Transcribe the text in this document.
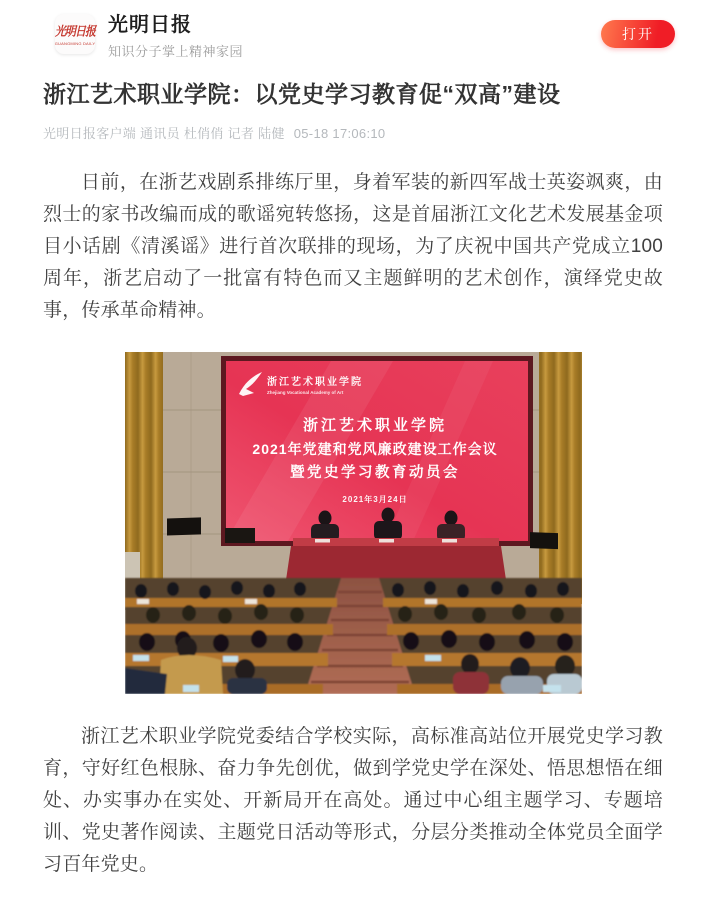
光明日报
GUANGMING DAILY
光明日报
知识分子掌上精神家园
打开
浙江艺术职业学院：以党史学习教育促“双高”建设
光明日报客户端 通讯员 杜俏俏 记者 陆健 05-18 17:06:10

日前，在浙艺戏剧系排练厅里，身着军装的新四军战士英姿飒爽，由烈士的家书改编而成的歌谣宛转悠扬，这是首届浙江文化艺术发展基金项目小话剧《清溪谣》进行首次联排的现场，为了庆祝中国共产党成立100周年，浙艺启动了一批富有特色而又主题鲜明的艺术创作，演绎党史故事，传承革命精神。

浙江艺术职业学院
Zhejiang Vocational Academy of Art
浙江艺术职业学院
2021年党建和党风廉政建设工作会议
暨党史学习教育动员会
2021年3月24日

浙江艺术职业学院党委结合学校实际，高标准高站位开展党史学习教育，守好红色根脉、奋力争先创优，做到学党史学在深处、悟思想悟在细处、办实事办在实处、开新局开在高处。通过中心组主题学习、专题培训、党史著作阅读、主题党日活动等形式，分层分类推动全体党员全面学习百年党史。
